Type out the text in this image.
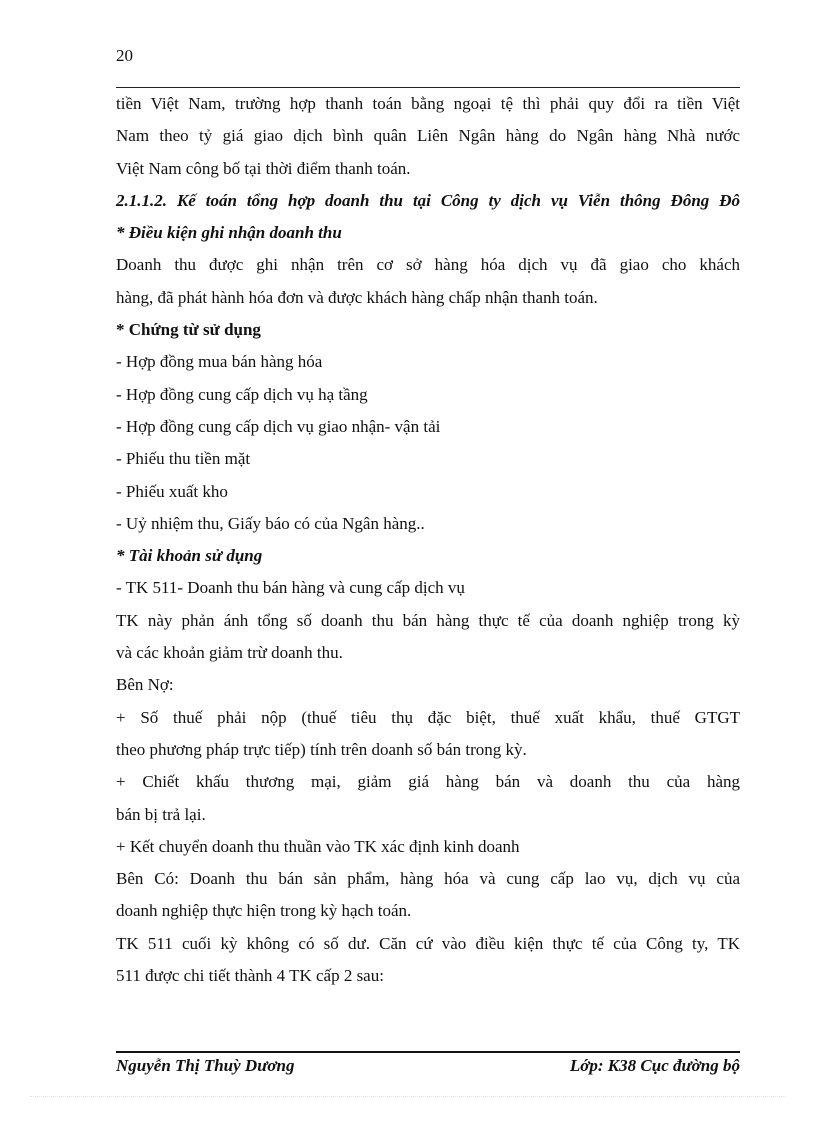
20

tiền Việt Nam, trường hợp thanh toán bằng ngoại tệ thì phải quy đổi ra tiền Việt

Nam theo tỷ giá giao dịch bình quân Liên Ngân hàng do Ngân hàng Nhà nước

Việt Nam công bố tại thời điểm thanh toán.

2.1.1.2. Kế toán tổng hợp doanh thu tại Công ty dịch vụ Viễn thông Đông Đô

* Điều kiện ghi nhận doanh thu

Doanh thu được ghi nhận trên cơ sở hàng hóa dịch vụ đã giao cho khách

hàng, đã phát hành hóa đơn và được khách hàng chấp nhận thanh toán.

* Chứng từ sử dụng

- Hợp đồng mua bán hàng hóa

- Hợp đồng cung cấp dịch vụ hạ tầng

- Hợp đồng cung cấp dịch vụ giao nhận- vận tải

- Phiếu thu tiền mặt

- Phiếu xuất kho

- Uỷ nhiệm thu, Giấy báo có của Ngân hàng..

* Tài khoản sử dụng

- TK 511- Doanh thu bán hàng và cung cấp dịch vụ

TK này phản ánh tổng số doanh thu bán hàng thực tế của doanh nghiệp trong kỳ

và các khoản giảm trừ doanh thu.

Bên Nợ:

+ Số thuế phải nộp (thuế tiêu thụ đặc biệt, thuế xuất khẩu, thuế GTGT

theo phương pháp trực tiếp) tính trên doanh số bán trong kỳ.

+ Chiết khấu thương mại, giảm giá hàng bán và doanh thu của hàng

bán bị trả lại.

+ Kết chuyển doanh thu thuần vào TK xác định kinh doanh

Bên Có: Doanh thu bán sản phẩm, hàng hóa và cung cấp lao vụ, dịch vụ của

doanh nghiệp thực hiện trong kỳ hạch toán.

TK 511 cuối kỳ không có số dư. Căn cứ vào điều kiện thực tế của Công ty, TK

511 được chi tiết thành 4 TK cấp 2 sau:

Nguyễn Thị Thuỳ Dương	Lớp: K38 Cục đường bộ
